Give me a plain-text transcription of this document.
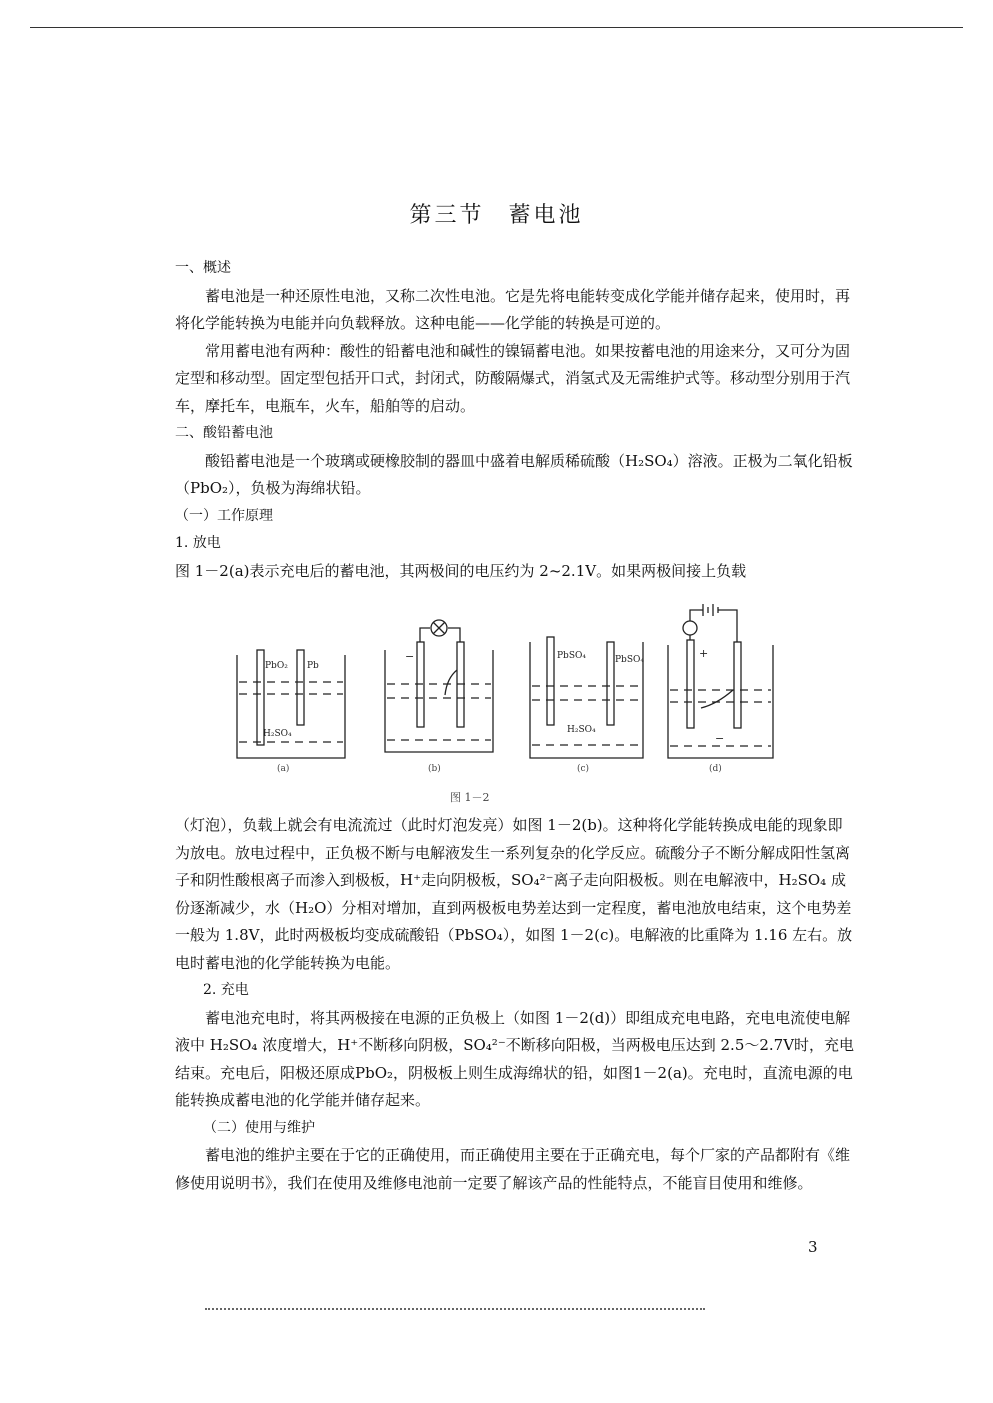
第三节 蓄电池

一、概述

蓄电池是一种还原性电池，又称二次性电池。它是先将电能转变成化学能并储存起来，使用时，再将化学能转换为电能并向负载释放。这种电能——化学能的转换是可逆的。

常用蓄电池有两种：酸性的铅蓄电池和碱性的镍镉蓄电池。如果按蓄电池的用途来分，又可分为固定型和移动型。固定型包括开口式，封闭式，防酸隔爆式，消氢式及无需维护式等。移动型分别用于汽车，摩托车，电瓶车，火车，船舶等的启动。

二、酸铅蓄电池

酸铅蓄电池是一个玻璃或硬橡胶制的器皿中盛着电解质稀硫酸（H₂SO₄）溶液。正极为二氧化铅板（PbO₂），负极为海绵状铅。

（一）工作原理

1. 放电

图 1－2(a)表示充电后的蓄电池，其两极间的电压约为 2~2.1V。如果两极间接上负载

PbO₂ Pb
H₂SO₄
(a)
−
(b)
PbSO₄	PbSO₄
H₂SO₄
(c)
+
−
(d)
图 1－2

（灯泡），负载上就会有电流流过（此时灯泡发亮）如图 1－2(b)。这种将化学能转换成电能的现象即为放电。放电过程中，正负极不断与电解液发生一系列复杂的化学反应。硫酸分子不断分解成阳性氢离子和阴性酸根离子而渗入到极板，H⁺走向阴极板，SO₄²⁻离子走向阳极板。则在电解液中，H₂SO₄ 成份逐渐减少，水（H₂O）分相对增加，直到两极板电势差达到一定程度，蓄电池放电结束，这个电势差一般为 1.8V，此时两极板均变成硫酸铅（PbSO₄），如图 1－2(c)。电解液的比重降为 1.16 左右。放电时蓄电池的化学能转换为电能。

2. 充电

蓄电池充电时，将其两极接在电源的正负极上（如图 1－2(d)）即组成充电电路，充电电流使电解液中 H₂SO₄ 浓度增大，H⁺不断移向阴极，SO₄²⁻不断移向阳极，当两极电压达到 2.5～2.7V时，充电结束。充电后，阳极还原成PbO₂，阴极板上则生成海绵状的铅，如图1－2(a)。充电时，直流电源的电能转换成蓄电池的化学能并储存起来。

（二）使用与维护

蓄电池的维护主要在于它的正确使用，而正确使用主要在于正确充电，每个厂家的产品都附有《维修使用说明书》，我们在使用及维修电池前一定要了解该产品的性能特点，不能盲目使用和维修。

3
